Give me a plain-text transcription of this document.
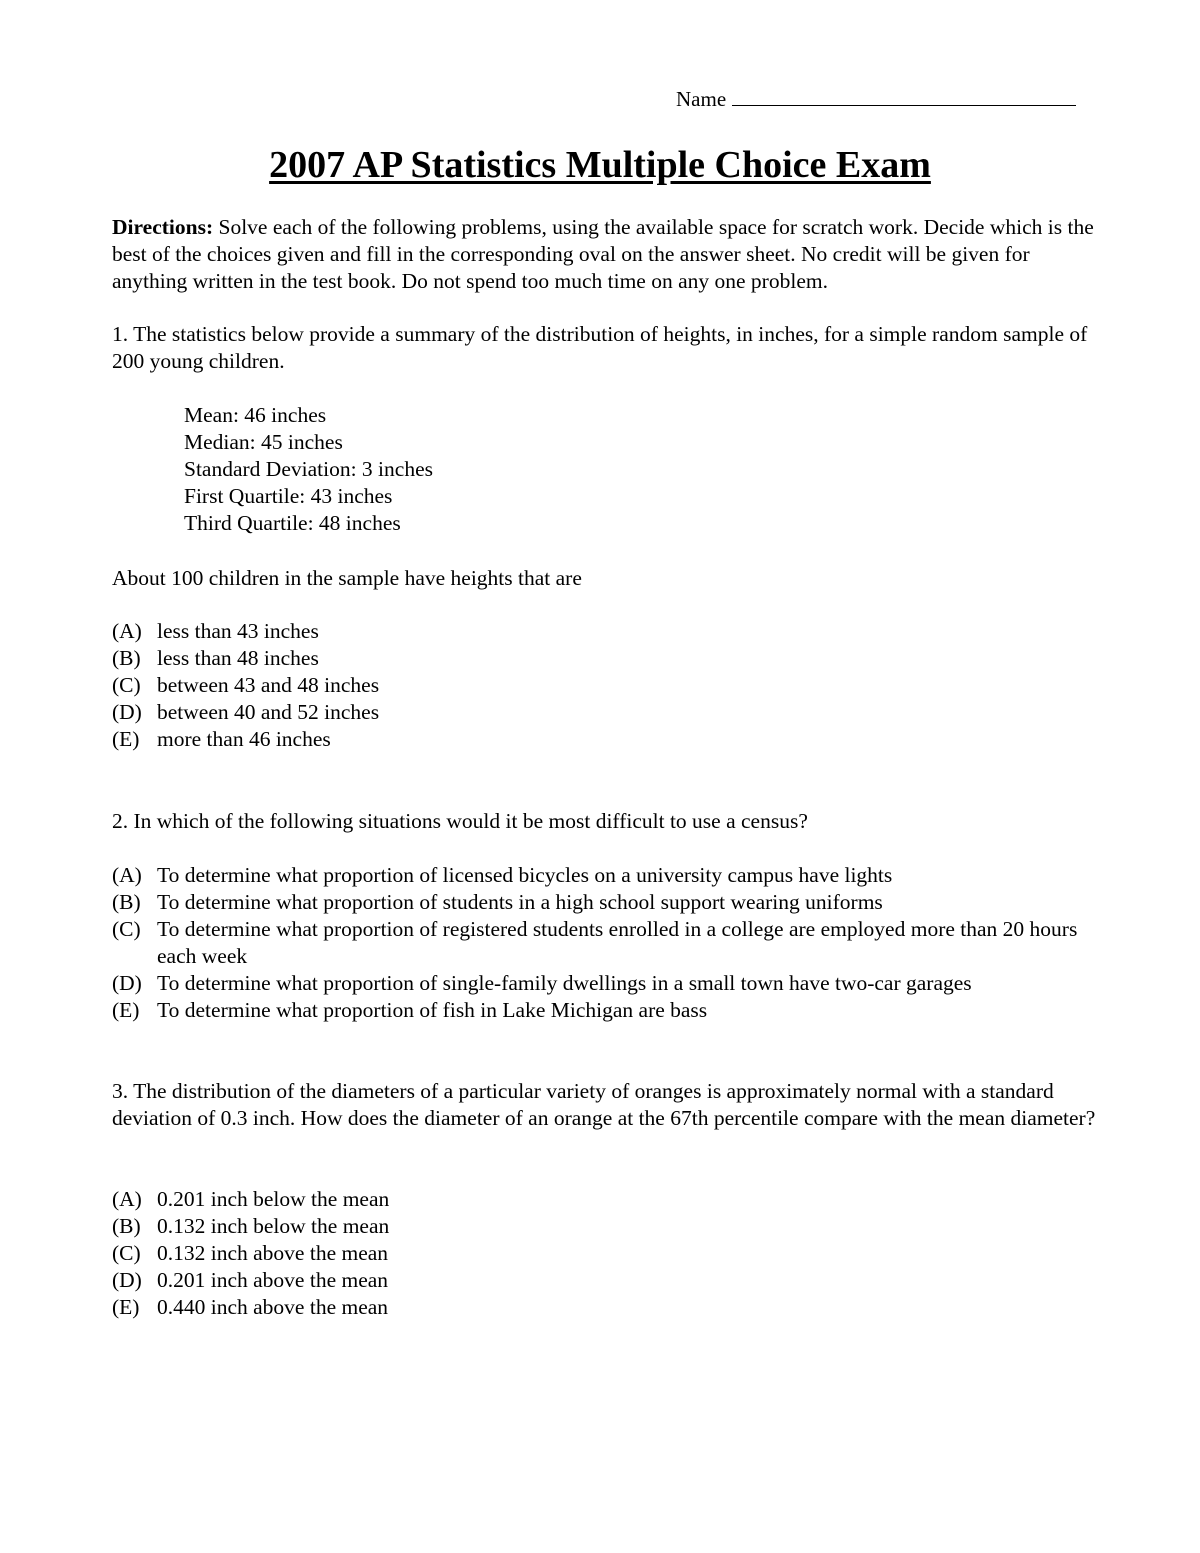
Name
2007 AP Statistics Multiple Choice Exam
Directions: Solve each of the following problems, using the available space for scratch work. Decide which is the best of the choices given and fill in the corresponding oval on the answer sheet. No credit will be given for anything written in the test book. Do not spend too much time on any one problem.
1. The statistics below provide a summary of the distribution of heights, in inches, for a simple random sample of 200 young children.
Mean: 46 inches
Median: 45 inches
Standard Deviation: 3 inches
First Quartile: 43 inches
Third Quartile: 48 inches
About 100 children in the sample have heights that are
(A) less than 43 inches
(B) less than 48 inches
(C) between 43 and 48 inches
(D) between 40 and 52 inches
(E) more than 46 inches
2. In which of the following situations would it be most difficult to use a census?
(A) To determine what proportion of licensed bicycles on a university campus have lights
(B) To determine what proportion of students in a high school support wearing uniforms
(C) To determine what proportion of registered students enrolled in a college are employed more than 20 hours each week
(D) To determine what proportion of single-family dwellings in a small town have two-car garages
(E) To determine what proportion of fish in Lake Michigan are bass
3. The distribution of the diameters of a particular variety of oranges is approximately normal with a standard deviation of 0.3 inch. How does the diameter of an orange at the 67th percentile compare with the mean diameter?
(A) 0.201 inch below the mean
(B) 0.132 inch below the mean
(C) 0.132 inch above the mean
(D) 0.201 inch above the mean
(E) 0.440 inch above the mean
